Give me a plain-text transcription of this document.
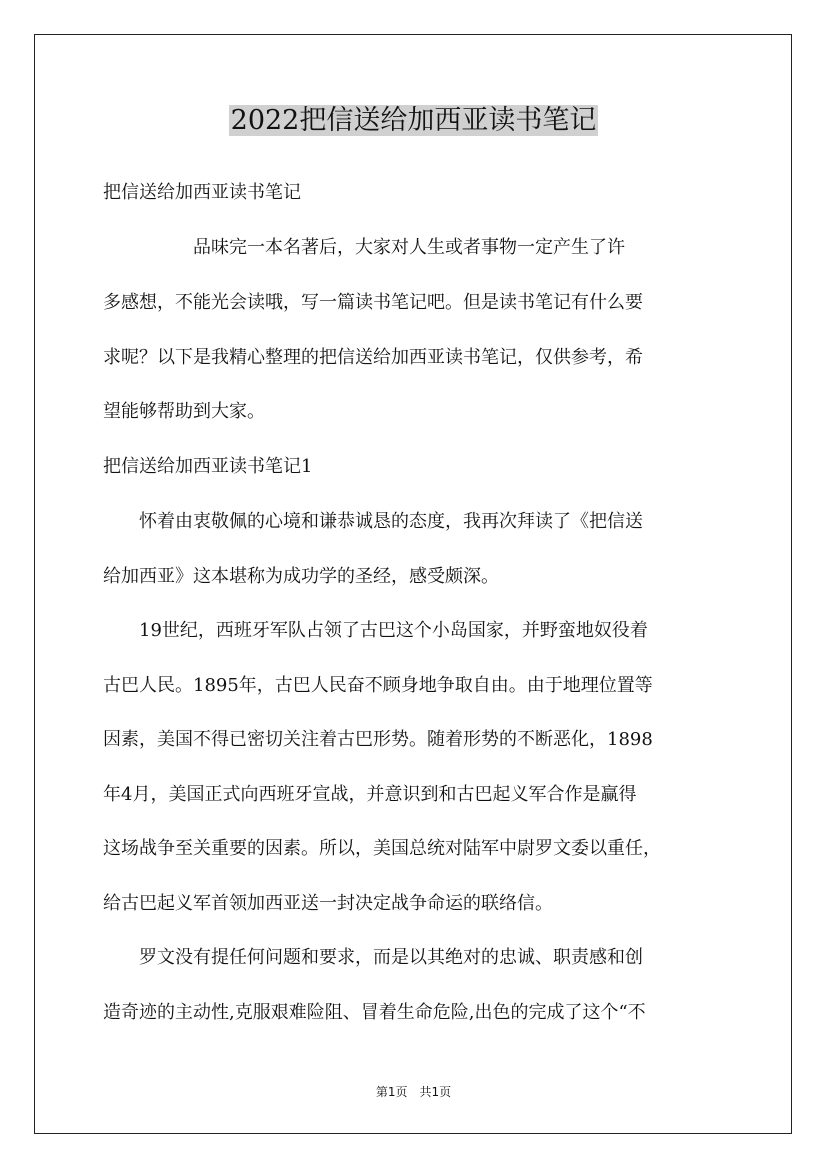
2022把信送给加西亚读书笔记

把信送给加西亚读书笔记

　　　　　品味完一本名著后，大家对人生或者事物一定产生了许

多感想，不能光会读哦，写一篇读书笔记吧。但是读书笔记有什么要

求呢？以下是我精心整理的把信送给加西亚读书笔记，仅供参考，希

望能够帮助到大家。

把信送给加西亚读书笔记1

　　怀着由衷敬佩的心境和谦恭诚恳的态度，我再次拜读了《把信送

给加西亚》这本堪称为成功学的圣经，感受颇深。

　　19世纪，西班牙军队占领了古巴这个小岛国家，并野蛮地奴役着

古巴人民。1895年，古巴人民奋不顾身地争取自由。由于地理位置等

因素，美国不得已密切关注着古巴形势。随着形势的不断恶化，1898

年4月，美国正式向西班牙宣战，并意识到和古巴起义军合作是赢得

这场战争至关重要的因素。所以，美国总统对陆军中尉罗文委以重任，

给古巴起义军首领加西亚送一封决定战争命运的联络信。

　　罗文没有提任何问题和要求，而是以其绝对的忠诚、职责感和创

造奇迹的主动性,克服艰难险阻、冒着生命危险,出色的完成了这个“不

第1页　共1页
